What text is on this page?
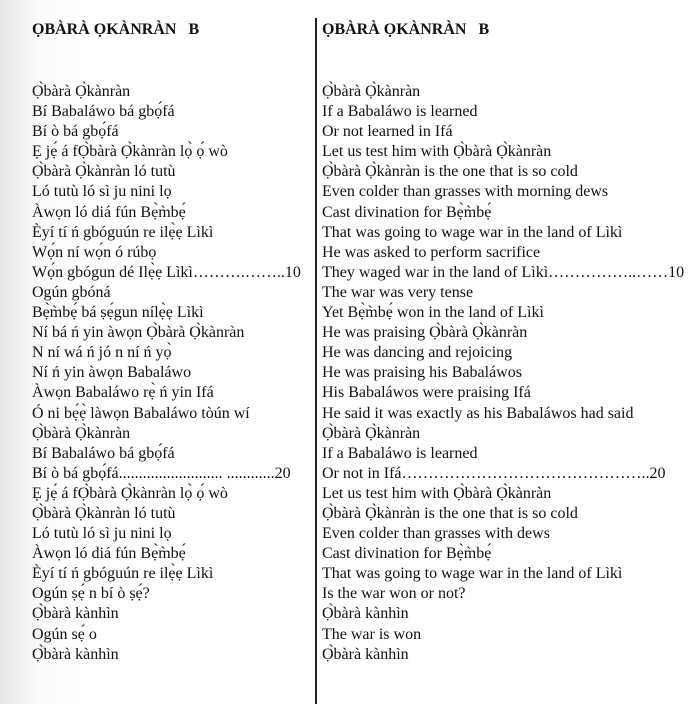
ỌBÀRÀ ỌKÀNRÀN   B
Ọ̀bàrà Ọ̀kànràn
Bí Babaláwo bá gbọ́fá
Bí ò bá gbọ́fá
Ẹ jẹ́ á fỌ̀bàrà Ọ̀kànràn lọ̀ ọ́ wò
Ọ̀bàrà Ọ̀kànràn ló tutù
Ló tutù ló sì ju nini lọ
Àwọn ló diá fún Bẹ̀m̀bẹ́
Èyí tí ń gbóguún re ilẹ̀ẹ Lìkì
Wọ́n ní wọ́n ó rúbọ
Wọ́n gbógun dé Ilẹ̀ẹ Lìkì……….……..10
Ogún gbóná
Bẹ̀m̀bẹ́ bá ṣẹ́gun nílẹ̀ẹ Lìkì
Ní bá ń yin àwọn Ọ̀bàrà Ọ̀kànràn
N ní wá ń jó n ní ń yọ̀
Ní ń yin àwọn Babaláwo
Àwọn Babaláwo rẹ̀ ń yin Ifá
Ó ni bẹ́ẹ̀ làwọn Babaláwo tòún wí
Ọ̀bàrà Ọ̀kànràn
Bí Babaláwo bá gbọ́fá
Bí ò bá gbọ́fá.......................... ............20
Ẹ jẹ́ á fỌ̀bàrà Ọ̀kànràn lọ̀ ọ́ wò
Ọ̀bàrà Ọ̀kànràn ló tutù
Ló tutù ló sì ju nini lọ
Àwọn ló diá fún Bẹ̀m̀bẹ́
Èyí tí ń gbóguún re ilẹ̀ẹ Lìkì
Ogún ṣẹ́ n bí ò ṣẹ́?
Ọ̀bàrà kànhìn
Ogún sẹ́ o
Ọ̀bàrà kànhìn
ỌBÀRÀ ỌKÀNRÀN   B
Ọ̀bàrà Ọ̀kànràn
If a Babaláwo is learned
Or not learned in Ifá
Let us test him with Ọ̀bàrà Ọ̀kànràn
Ọ̀bàrà Ọ̀kànràn is the one that is so cold
Even colder than grasses with morning dews
Cast divination for Bẹ̀m̀bẹ́
That was going to wage war in the land of Lìkì
He was asked to perform sacrifice
They waged war in the land of Lìkì……………..……10
The war was very tense
Yet Bẹ̀m̀bẹ́ won in the land of Lìkì
He was praising Ọ̀bàrà Ọ̀kànràn
He was dancing and rejoicing
He was praising his Babaláwos
His Babaláwos were praising Ifá
He said it was exactly as his Babaláwos had said
Ọ̀bàrà Ọ̀kànràn
If a Babaláwo is learned
Or not in Ifá………………………………………..20
Let us test him with Ọ̀bàrà Ọ̀kànràn
Ọ̀bàrà Ọ̀kànràn is the one that is so cold
Even colder than grasses with dews
Cast divination for Bẹ̀m̀bẹ́
That was going to wage war in the land of Lìkì
Is the war won or not?
Ọ̀bàrà kànhìn
The war is won
Ọ̀bàrà kànhìn
